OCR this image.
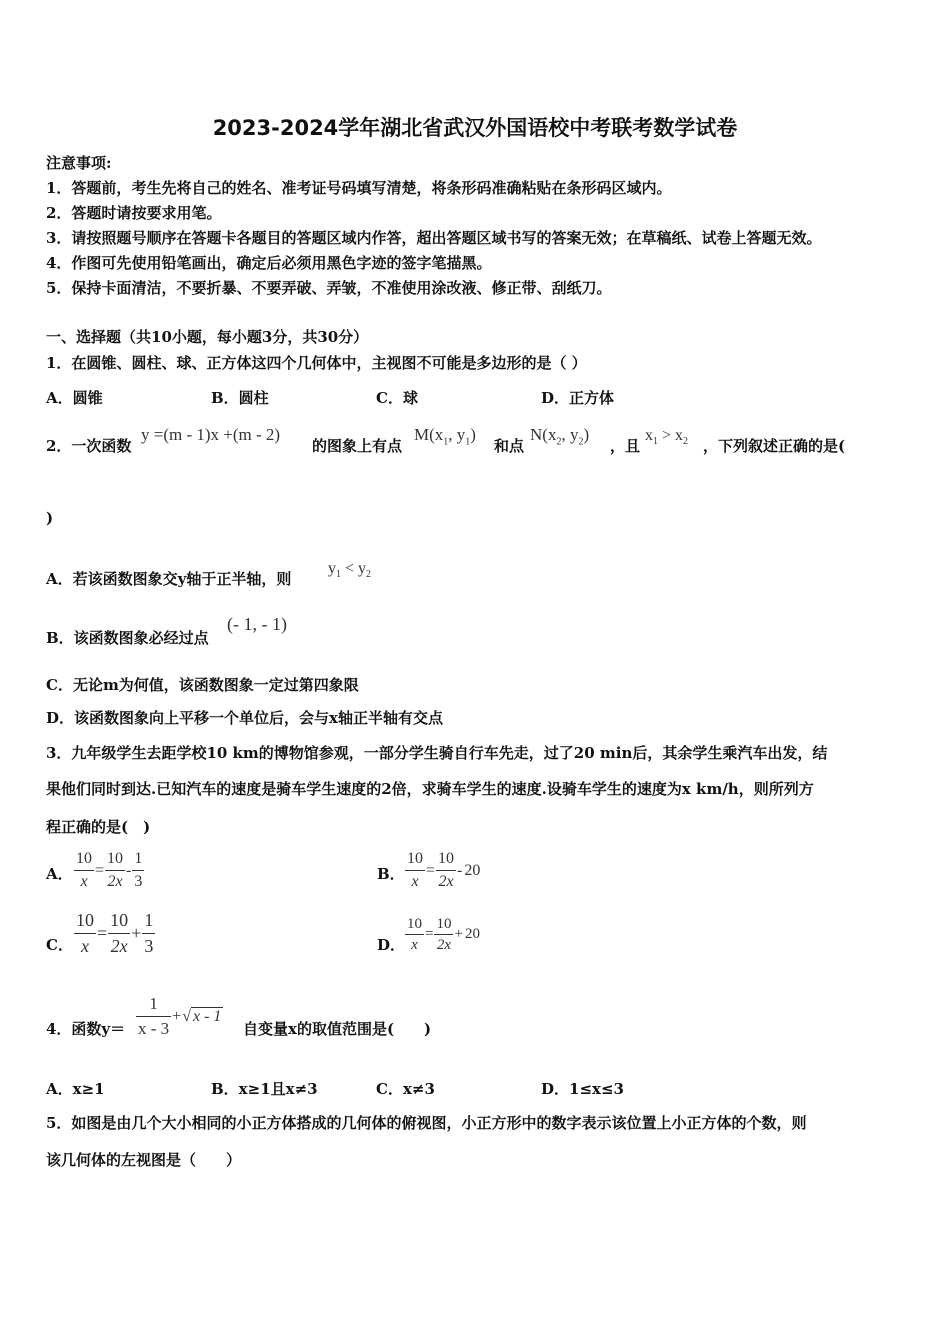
2023-2024学年湖北省武汉外国语校中考联考数学试卷
注意事项:
1．答题前，考生先将自己的姓名、准考证号码填写清楚，将条形码准确粘贴在条形码区域内。
2．答题时请按要求用笔。
3．请按照题号顺序在答题卡各题目的答题区域内作答，超出答题区域书写的答案无效；在草稿纸、试卷上答题无效。
4．作图可先使用铅笔画出，确定后必须用黑色字迹的签字笔描黑。
5．保持卡面清洁，不要折暴、不要弄破、弄皱，不准使用涂改液、修正带、刮纸刀。
一、选择题（共10小题，每小题3分，共30分）
1．在圆锥、圆柱、球、正方体这四个几何体中，主视图不可能是多边形的是（ ）
A．圆锥	B．圆柱	C．球	D．正方体
2．一次函数
y =(m - 1)x +(m - 2)
的图象上有点
$M(x_1$, $y_1$)
和点
$N(x_2$, $y_2$)
，且
$x_1 > x_2$ ，下列叙述正确的是(
)
A．若该函数图象交y轴于正半轴，则
$y_1 < y_2$
B．该函数图象必经过点
(- 1, - 1)
C．无论m为何值，该函数图象一定过第四象限
D．该函数图象向上平移一个单位后，会与x轴正半轴有交点
3．九年级学生去距学校10 km的博物馆参观，一部分学生骑自行车先走，过了20 min后，其余学生乘汽车出发，结
果他们同时到达.已知汽车的速度是骑车学生速度的2倍，求骑车学生的速度.设骑车学生的速度为x km/h，则所列方
程正确的是(　)
A． $\frac{10}{x} = \frac{10}{2x} - \frac{1}{3}$	B． $\frac{10}{x} = \frac{10}{2x} - 20$
C． $\frac{10}{x} = \frac{10}{2x} + \frac{1}{3}$	D． $\frac{10}{x} = \frac{10}{2x} + 20$
4．函数$y= \frac{1}{x - 3}$ +√ x - 1
自变量x的取值范围是(　　)
A．x≥1	B．x≥1且x≠3	C．x≠3	D．1≤x≤3
5．如图是由几个大小相同的小正方体搭成的几何体的俯视图，小正方形中的数字表示该位置上小正方体的个数，则
该几何体的左视图是（　　）
